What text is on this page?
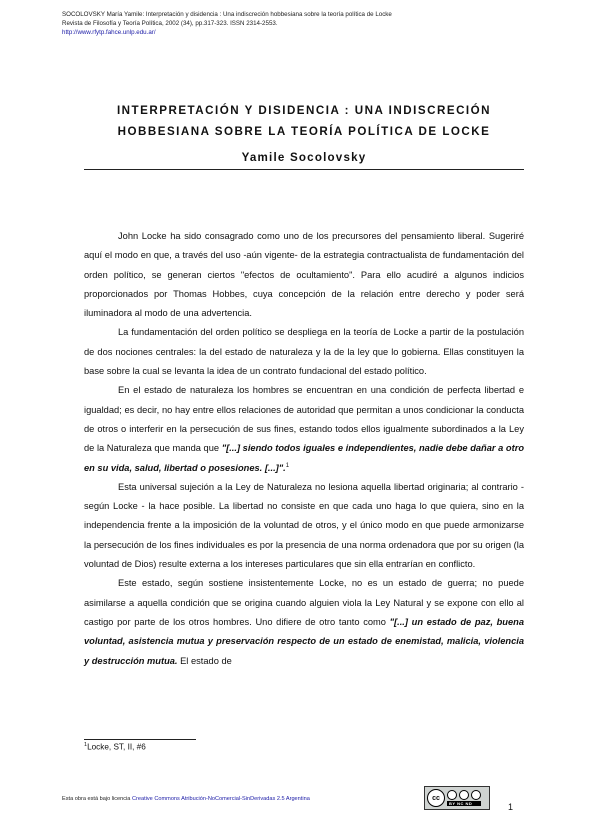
SOCOLOVSKY María Yamile: Interpretación y disidencia : Una indiscreción hobbesiana sobre la teoría política de Locke
Revista de Filosofía y Teoría Política, 2002 (34), pp.317-323. ISSN 2314-2553.
http://www.rfytp.fahce.unlp.edu.ar/
INTERPRETACIÓN Y DISIDENCIA : UNA INDISCRECIÓN
HOBBESIANA SOBRE LA TEORÍA POLÍTICA DE LOCKE
Yamile Socolovsky

John Locke ha sido consagrado como uno de los precursores del pensamiento liberal. Sugeriré aquí el modo en que, a través del uso -aún vigente- de la estrategia contractualista de fundamentación del orden político, se generan ciertos "efectos de ocultamiento". Para ello acudiré a algunos indicios proporcionados por Thomas Hobbes, cuya concepción de la relación entre derecho y poder será iluminadora al modo de una advertencia.

La fundamentación del orden político se despliega en la teoría de Locke a partir de la postulación de dos nociones centrales: la del estado de naturaleza y la de la ley que lo gobierna. Ellas constituyen la base sobre la cual se levanta la idea de un contrato fundacional del estado político.

En el estado de naturaleza los hombres se encuentran en una condición de perfecta libertad e igualdad; es decir, no hay entre ellos relaciones de autoridad que permitan a unos condicionar la conducta de otros o interferir en la persecución de sus fines, estando todos ellos igualmente subordinados a la Ley de la Naturaleza que manda que "[...] siendo todos iguales e independientes, nadie debe dañar a otro en su vida, salud, libertad o posesiones. [...]".$^1$

Esta universal sujeción a la Ley de Naturaleza no lesiona aquella libertad originaria; al contrario - según Locke - la hace posible. La libertad no consiste en que cada uno haga lo que quiera, sino en la independencia frente a la imposición de la voluntad de otros, y el único modo en que puede armonizarse la persecución de los fines individuales es por la presencia de una norma ordenadora que por su origen (la voluntad de Dios) resulte externa a los intereses particulares que sin ella entrarían en conflicto.

Este estado, según sostiene insistentemente Locke, no es un estado de guerra; no puede asimilarse a aquella condición que se origina cuando alguien viola la Ley Natural y se expone con ello al castigo por parte de los otros hombres. Uno difiere de otro tanto como "[...] un estado de paz, buena voluntad, asistencia mutua y preservación respecto de un estado de enemistad, malicia, violencia y destrucción mutua. El estado de

$^1$Locke, ST, II, #6
Esta obra está bajo licencia Creative Commons Atribución-NoComercial-SinDerivadas 2.5 Argentina	cc
BY NC ND	1
